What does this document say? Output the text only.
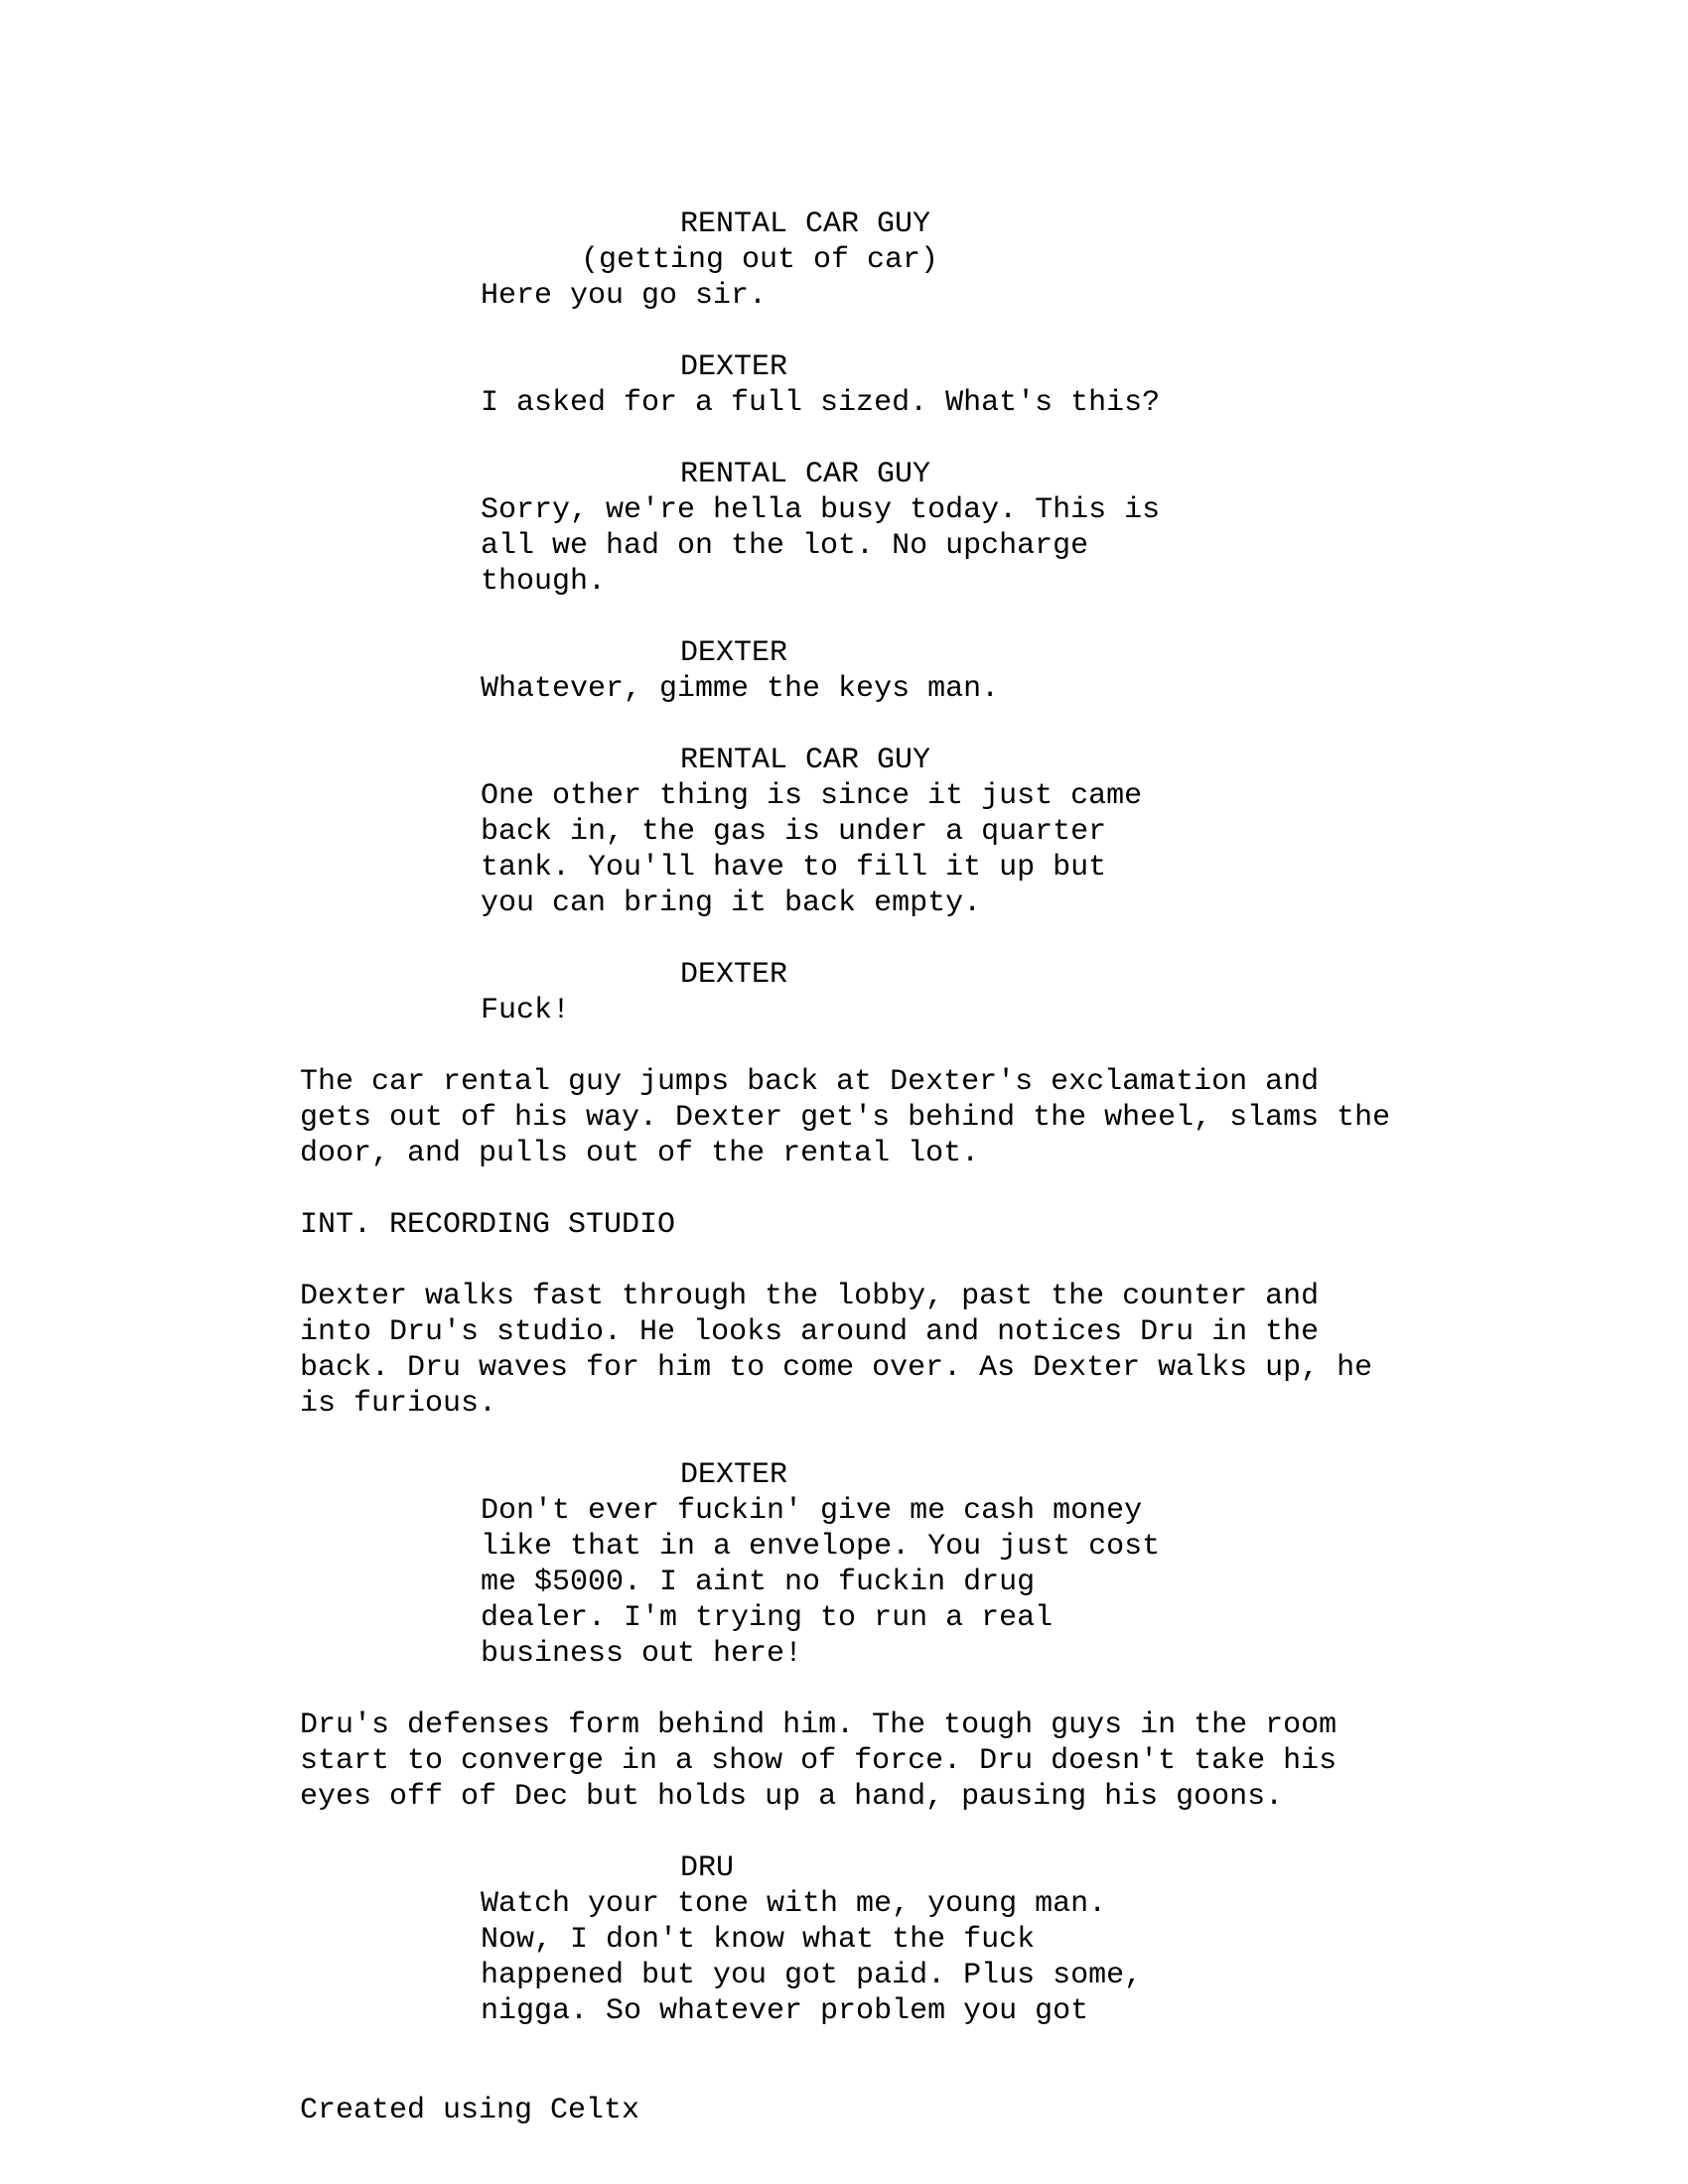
RENTAL CAR GUY
(getting out of car)
Here you go sir.
DEXTER
I asked for a full sized. What's this?
RENTAL CAR GUY
Sorry, we're hella busy today. This is
all we had on the lot. No upcharge
though.
DEXTER
Whatever, gimme the keys man.
RENTAL CAR GUY
One other thing is since it just came
back in, the gas is under a quarter
tank. You'll have to fill it up but
you can bring it back empty.
DEXTER
Fuck!
The car rental guy jumps back at Dexter's exclamation and
gets out of his way. Dexter get's behind the wheel, slams the
door, and pulls out of the rental lot.
INT. RECORDING STUDIO
Dexter walks fast through the lobby, past the counter and
into Dru's studio. He looks around and notices Dru in the
back. Dru waves for him to come over. As Dexter walks up, he
is furious.
DEXTER
Don't ever fuckin' give me cash money
like that in a envelope. You just cost
me $5000. I aint no fuckin drug
dealer. I'm trying to run a real
business out here!
Dru's defenses form behind him. The tough guys in the room
start to converge in a show of force. Dru doesn't take his
eyes off of Dec but holds up a hand, pausing his goons.
DRU
Watch your tone with me, young man.
Now, I don't know what the fuck
happened but you got paid. Plus some,
nigga. So whatever problem you got
Created using Celtx
